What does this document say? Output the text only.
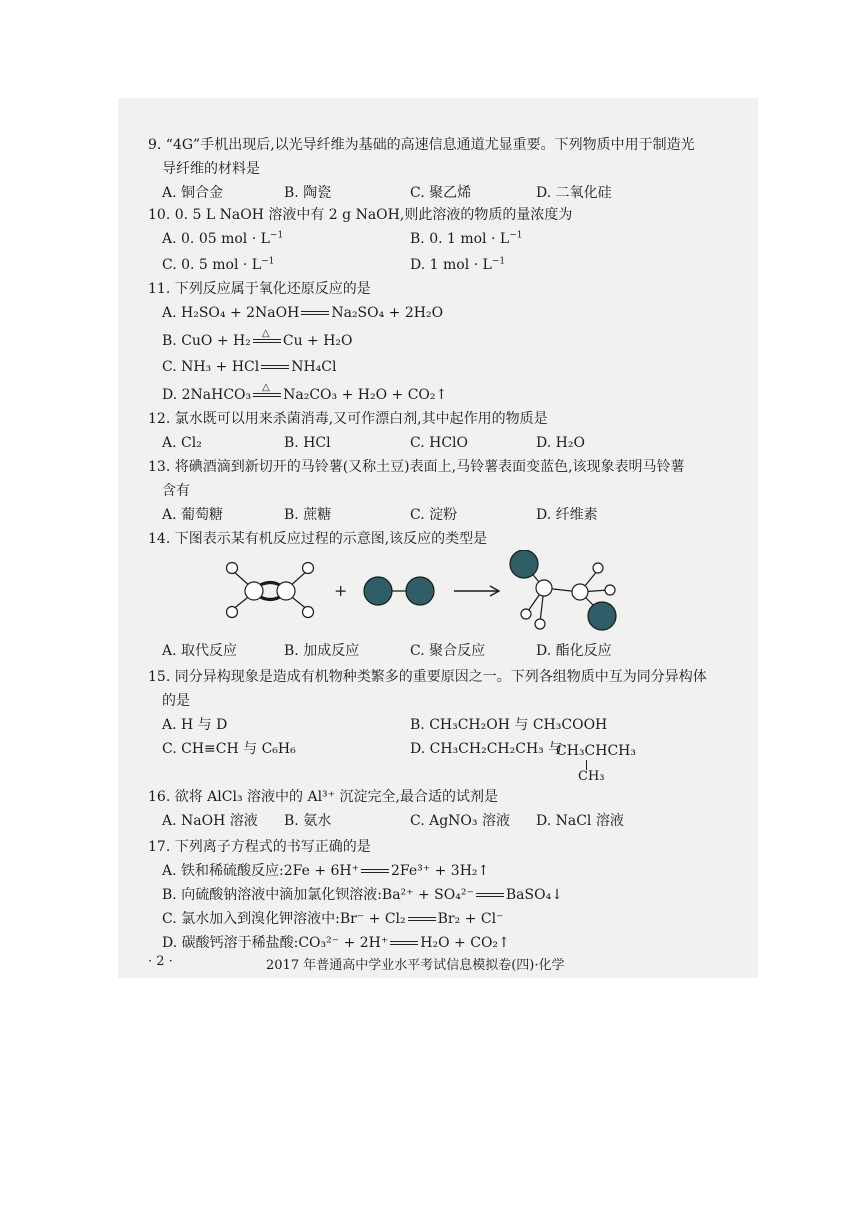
9. “4G”手机出现后,以光导纤维为基础的高速信息通道尤显重要。下列物质中用于制造光
导纤维的材料是
A. 铜合金	B. 陶瓷	C. 聚乙烯	D. 二氧化硅
10. 0. 5 L NaOH 溶液中有 2 g NaOH,则此溶液的物质的量浓度为
A. 0. 05 mol · $L^{-1}$	B. 0. 1 mol · $L^{-1}$
C. 0. 5 mol · $L^{-1}$	D. 1 mol · $L^{-1}$
11. 下列反应属于氧化还原反应的是
A. H₂SO₄ + 2NaOH Na₂SO₄ + 2H₂O
B. CuO + H₂ △ Cu + H₂O
C. NH₃ + HCl NH₄Cl
D. 2NaHCO₃ △ Na₂CO₃ + H₂O + CO₂↑
12. 氯水既可以用来杀菌消毒,又可作漂白剂,其中起作用的物质是
A. Cl₂	B. HCl	C. HClO	D. H₂O
13. 将碘酒滴到新切开的马铃薯(又称土豆)表面上,马铃薯表面变蓝色,该现象表明马铃薯
含有
A. 葡萄糖	B. 蔗糖	C. 淀粉	D. 纤维素
14. 下图表示某有机反应过程的示意图,该反应的类型是
+
A. 取代反应	B. 加成反应	C. 聚合反应	D. 酯化反应
15. 同分异构现象是造成有机物种类繁多的重要原因之一。下列各组物质中互为同分异构体
的是
A. H 与 D	B. CH₃CH₂OH 与 CH₃COOH
C. CH≡CH 与 C₆H₆	D. CH₃CH₂CH₂CH₃ 与
CH₃CHCH₃
CH₃
16. 欲将 AlCl₃ 溶液中的 Al³⁺ 沉淀完全,最合适的试剂是
A. NaOH 溶液 B. 氨水	C. AgNO₃ 溶液 D. NaCl 溶液
17. 下列离子方程式的书写正确的是
A. 铁和稀硫酸反应:2Fe + 6H⁺ 2Fe³⁺ + 3H₂↑
B. 向硫酸钠溶液中滴加氯化钡溶液:Ba²⁺ + SO₄²⁻ BaSO₄↓
C. 氯水加入到溴化钾溶液中:Br⁻ + Cl₂ Br₂ + Cl⁻
D. 碳酸钙溶于稀盐酸:CO₃²⁻ + 2H⁺ H₂O + CO₂↑
· 2 ·	2017 年普通高中学业水平考试信息模拟卷(四)·化学
